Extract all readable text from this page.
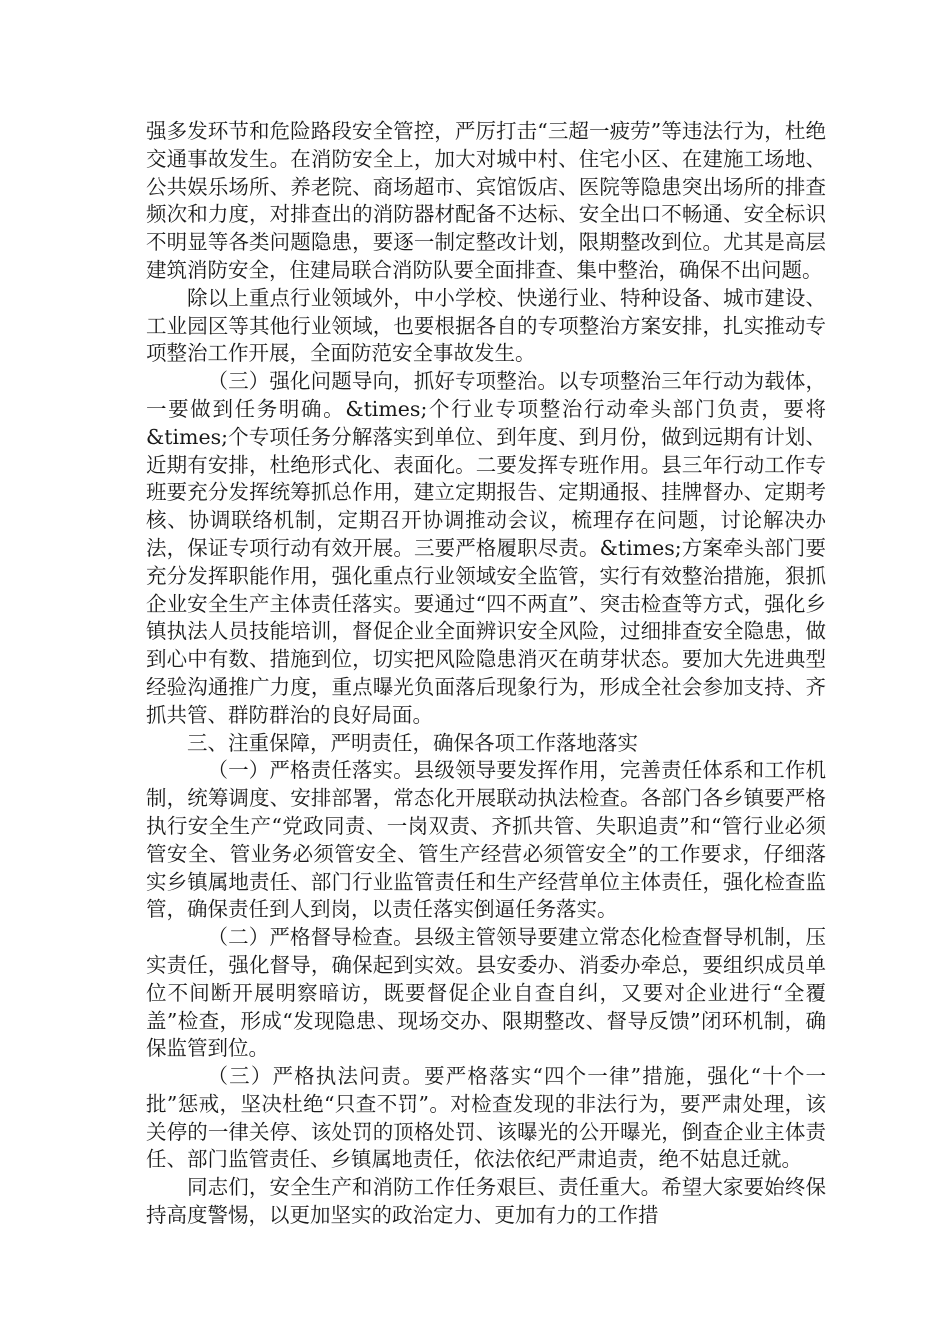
强多发环节和危险路段安全管控，严厉打击“三超一疲劳”等违法行为，杜绝交通事故发生。在消防安全上，加大对城中村、住宅小区、在建施工场地、公共娱乐场所、养老院、商场超市、宾馆饭店、医院等隐患突出场所的排查频次和力度，对排查出的消防器材配备不达标、安全出口不畅通、安全标识不明显等各类问题隐患，要逐一制定整改计划，限期整改到位。尤其是高层建筑消防安全，住建局联合消防队要全面排查、集中整治，确保不出问题。

除以上重点行业领域外，中小学校、快递行业、特种设备、城市建设、工业园区等其他行业领域，也要根据各自的专项整治方案安排，扎实推动专项整治工作开展，全面防范安全事故发生。

（三）强化问题导向，抓好专项整治。以专项整治三年行动为载体，一要做到任务明确。&times;个行业专项整治行动牵头部门负责，要将&times;个专项任务分解落实到单位、到年度、到月份，做到远期有计划、近期有安排，杜绝形式化、表面化。二要发挥专班作用。县三年行动工作专班要充分发挥统筹抓总作用，建立定期报告、定期通报、挂牌督办、定期考核、协调联络机制，定期召开协调推动会议，梳理存在问题，讨论解决办法，保证专项行动有效开展。三要严格履职尽责。&times;方案牵头部门要充分发挥职能作用，强化重点行业领域安全监管，实行有效整治措施，狠抓企业安全生产主体责任落实。要通过“四不两直”、突击检查等方式，强化乡镇执法人员技能培训，督促企业全面辨识安全风险，过细排查安全隐患，做到心中有数、措施到位，切实把风险隐患消灭在萌芽状态。要加大先进典型经验沟通推广力度，重点曝光负面落后现象行为，形成全社会参加支持、齐抓共管、群防群治的良好局面。

三、注重保障，严明责任，确保各项工作落地落实

（一）严格责任落实。县级领导要发挥作用，完善责任体系和工作机制，统筹调度、安排部署，常态化开展联动执法检查。各部门各乡镇要严格执行安全生产“党政同责、一岗双责、齐抓共管、失职追责”和“管行业必须管安全、管业务必须管安全、管生产经营必须管安全”的工作要求，仔细落实乡镇属地责任、部门行业监管责任和生产经营单位主体责任，强化检查监管，确保责任到人到岗，以责任落实倒逼任务落实。

（二）严格督导检查。县级主管领导要建立常态化检查督导机制，压实责任，强化督导，确保起到实效。县安委办、消委办牵总，要组织成员单位不间断开展明察暗访，既要督促企业自查自纠，又要对企业进行“全覆盖”检查，形成“发现隐患、现场交办、限期整改、督导反馈”闭环机制，确保监管到位。

（三）严格执法问责。要严格落实“四个一律”措施，强化“十个一批”惩戒，坚决杜绝“只查不罚”。对检查发现的非法行为，要严肃处理，该关停的一律关停、该处罚的顶格处罚、该曝光的公开曝光，倒查企业主体责任、部门监管责任、乡镇属地责任，依法依纪严肃追责，绝不姑息迁就。

同志们，安全生产和消防工作任务艰巨、责任重大。希望大家要始终保持高度警惕，以更加坚实的政治定力、更加有力的工作措
